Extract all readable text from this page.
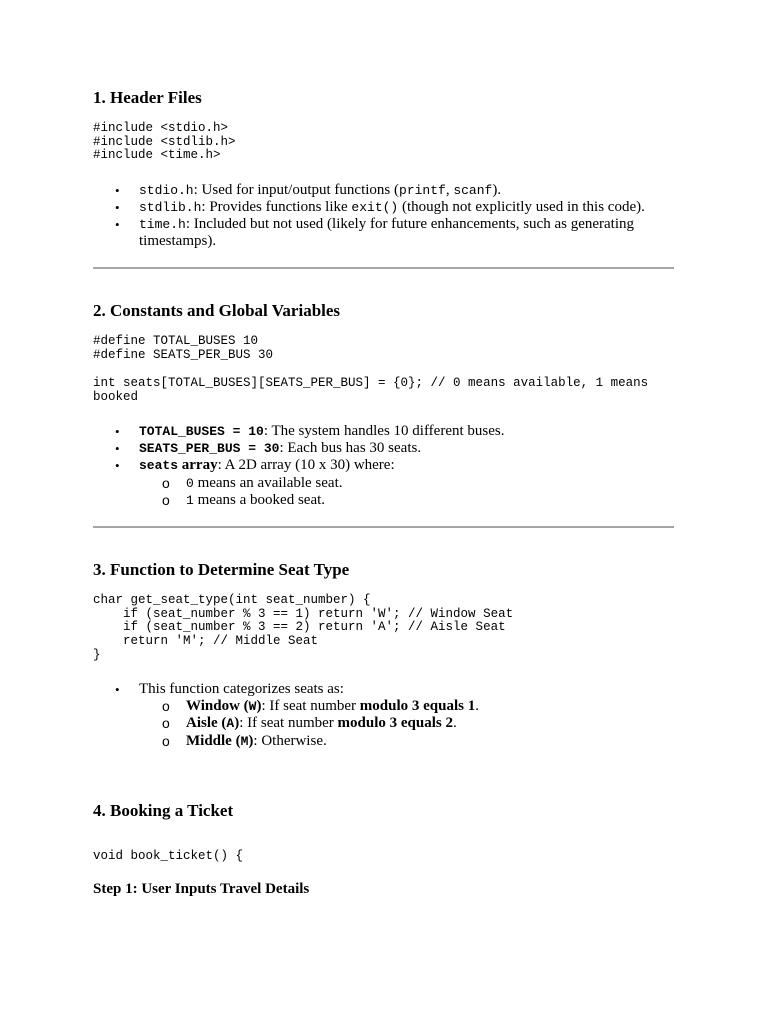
1. Header Files
#include <stdio.h>
#include <stdlib.h>
#include <time.h>
• stdio.h: Used for input/output functions (printf, scanf).
• stdlib.h: Provides functions like exit() (though not explicitly used in this code).
• time.h: Included but not used (likely for future enhancements, such as generating
timestamps).
2. Constants and Global Variables
#define TOTAL_BUSES 10
#define SEATS_PER_BUS 30
int seats[TOTAL_BUSES][SEATS_PER_BUS] = {0}; // 0 means available, 1 means
booked
• TOTAL_BUSES = 10: The system handles 10 different buses.
• SEATS_PER_BUS = 30: Each bus has 30 seats.
• seats array: A 2D array (10 x 30) where:
o 0 means an available seat.
o 1 means a booked seat.
3. Function to Determine Seat Type
char get_seat_type(int seat_number) {
if (seat_number % 3 == 1) return 'W'; // Window Seat
if (seat_number % 3 == 2) return 'A'; // Aisle Seat
return 'M'; // Middle Seat
}
• This function categorizes seats as:
o Window (W): If seat number modulo 3 equals 1.
o Aisle (A): If seat number modulo 3 equals 2.
o Middle (M): Otherwise.
4. Booking a Ticket
void book_ticket() {
Step 1: User Inputs Travel Details
